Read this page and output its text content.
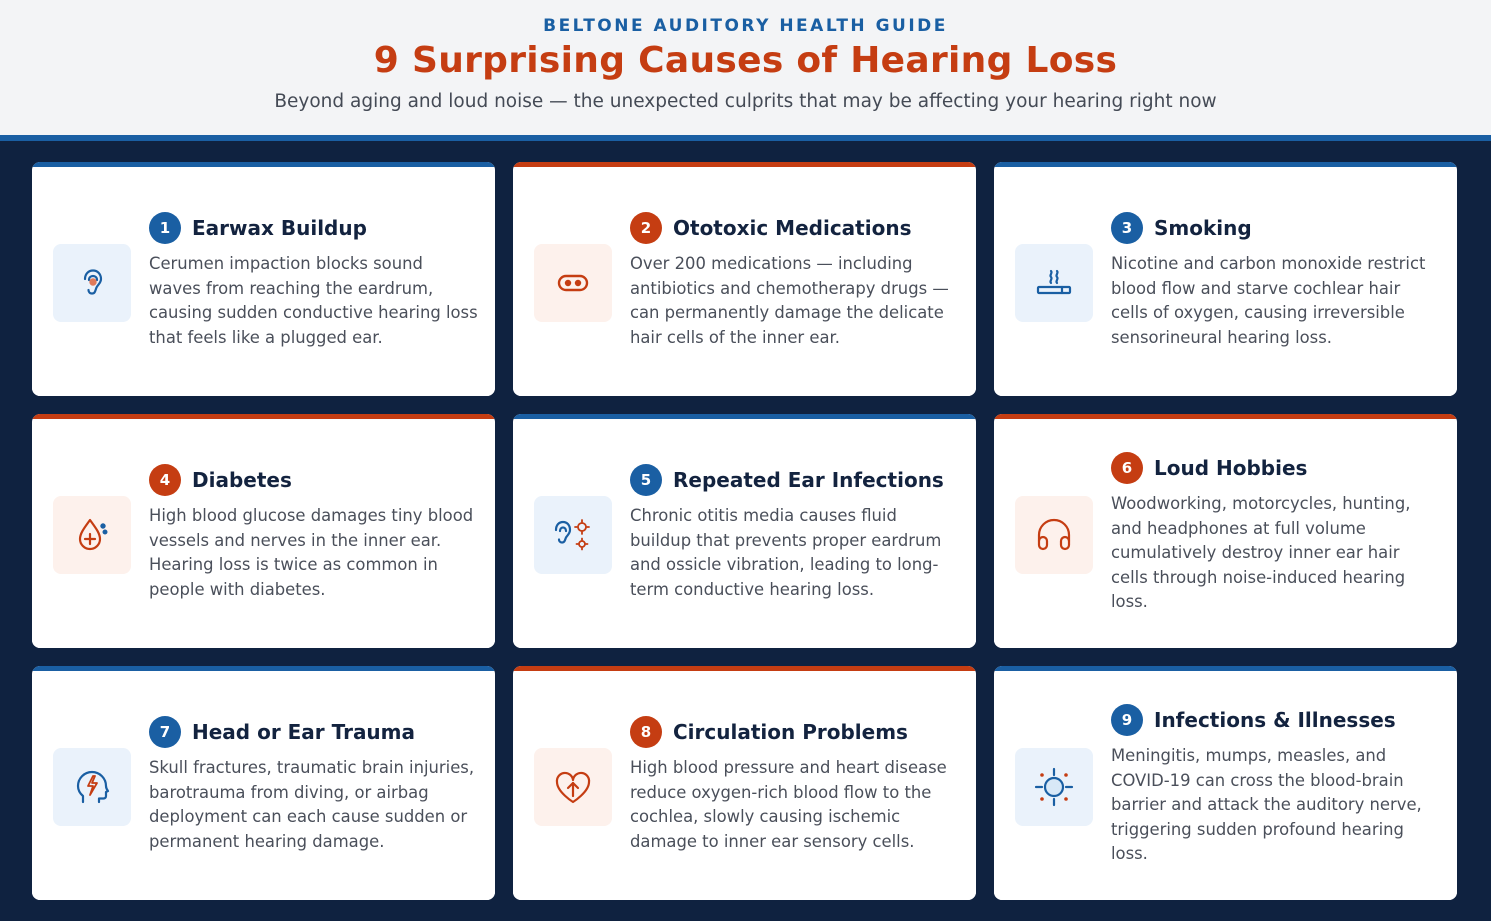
BELTONE AUDITORY HEALTH GUIDE
9 Surprising Causes of Hearing Loss
Beyond aging and loud noise — the unexpected culprits that may be affecting your hearing right now
1	Earwax Buildup
Cerumen impaction blocks sound waves from reaching the eardrum, causing sudden conductive hearing loss that feels like a plugged ear.
2	Ototoxic Medications
Over 200 medications — including antibiotics and chemotherapy drugs — can permanently damage the delicate hair cells of the inner ear.
3	Smoking
Nicotine and carbon monoxide restrict blood flow and starve cochlear hair cells of oxygen, causing irreversible sensorineural hearing loss.
4	Diabetes
High blood glucose damages tiny blood vessels and nerves in the inner ear. Hearing loss is twice as common in people with diabetes.
5	Repeated Ear Infections
Chronic otitis media causes fluid buildup that prevents proper eardrum and ossicle vibration, leading to long-term conductive hearing loss.
6	Loud Hobbies
Woodworking, motorcycles, hunting, and headphones at full volume cumulatively destroy inner ear hair cells through noise-induced hearing loss.
7	Head or Ear Trauma
Skull fractures, traumatic brain injuries, barotrauma from diving, or airbag deployment can each cause sudden or permanent hearing damage.
8	Circulation Problems
High blood pressure and heart disease reduce oxygen-rich blood flow to the cochlea, slowly causing ischemic damage to inner ear sensory cells.
9	Infections & Illnesses
Meningitis, mumps, measles, and COVID-19 can cross the blood-brain barrier and attack the auditory nerve, triggering sudden profound hearing loss.
